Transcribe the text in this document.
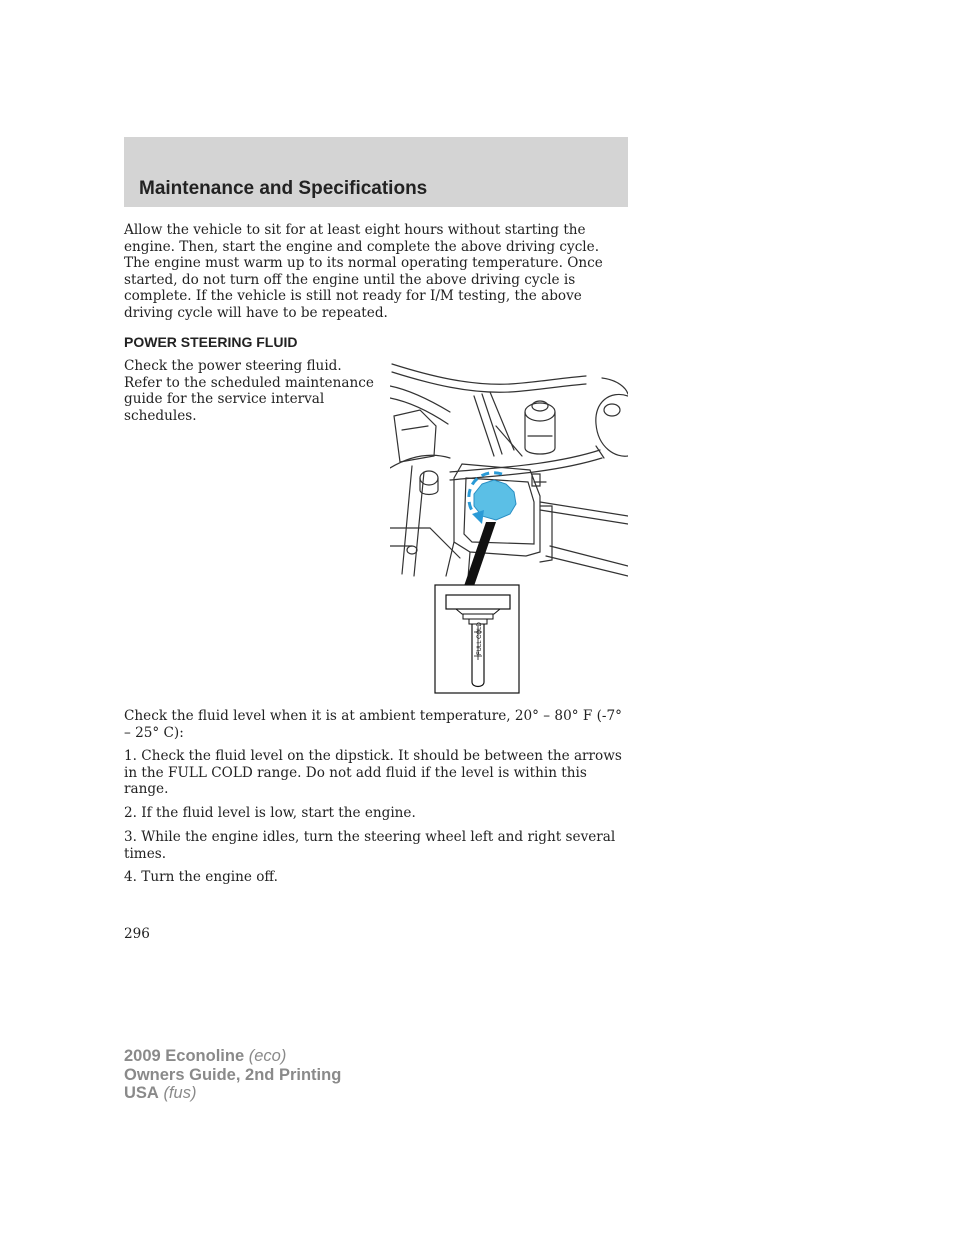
Maintenance and Specifications

Allow the vehicle to sit for at least eight hours without starting the engine. Then, start the engine and complete the above driving cycle. The engine must warm up to its normal operating temperature. Once started, do not turn off the engine until the above driving cycle is complete. If the vehicle is still not ready for I/M testing, the above driving cycle will have to be repeated.

POWER STEERING FLUID

Check the power steering fluid. Refer to the scheduled maintenance guide for the service interval schedules.

FULL COLD

Check the fluid level when it is at ambient temperature, 20° – 80° F (-7° – 25° C):

1. Check the fluid level on the dipstick. It should be between the arrows in the FULL COLD range. Do not add fluid if the level is within this range.

2. If the fluid level is low, start the engine.

3. While the engine idles, turn the steering wheel left and right several times.

4. Turn the engine off.

296

2009 Econoline (eco)
Owners Guide, 2nd Printing
USA (fus)
